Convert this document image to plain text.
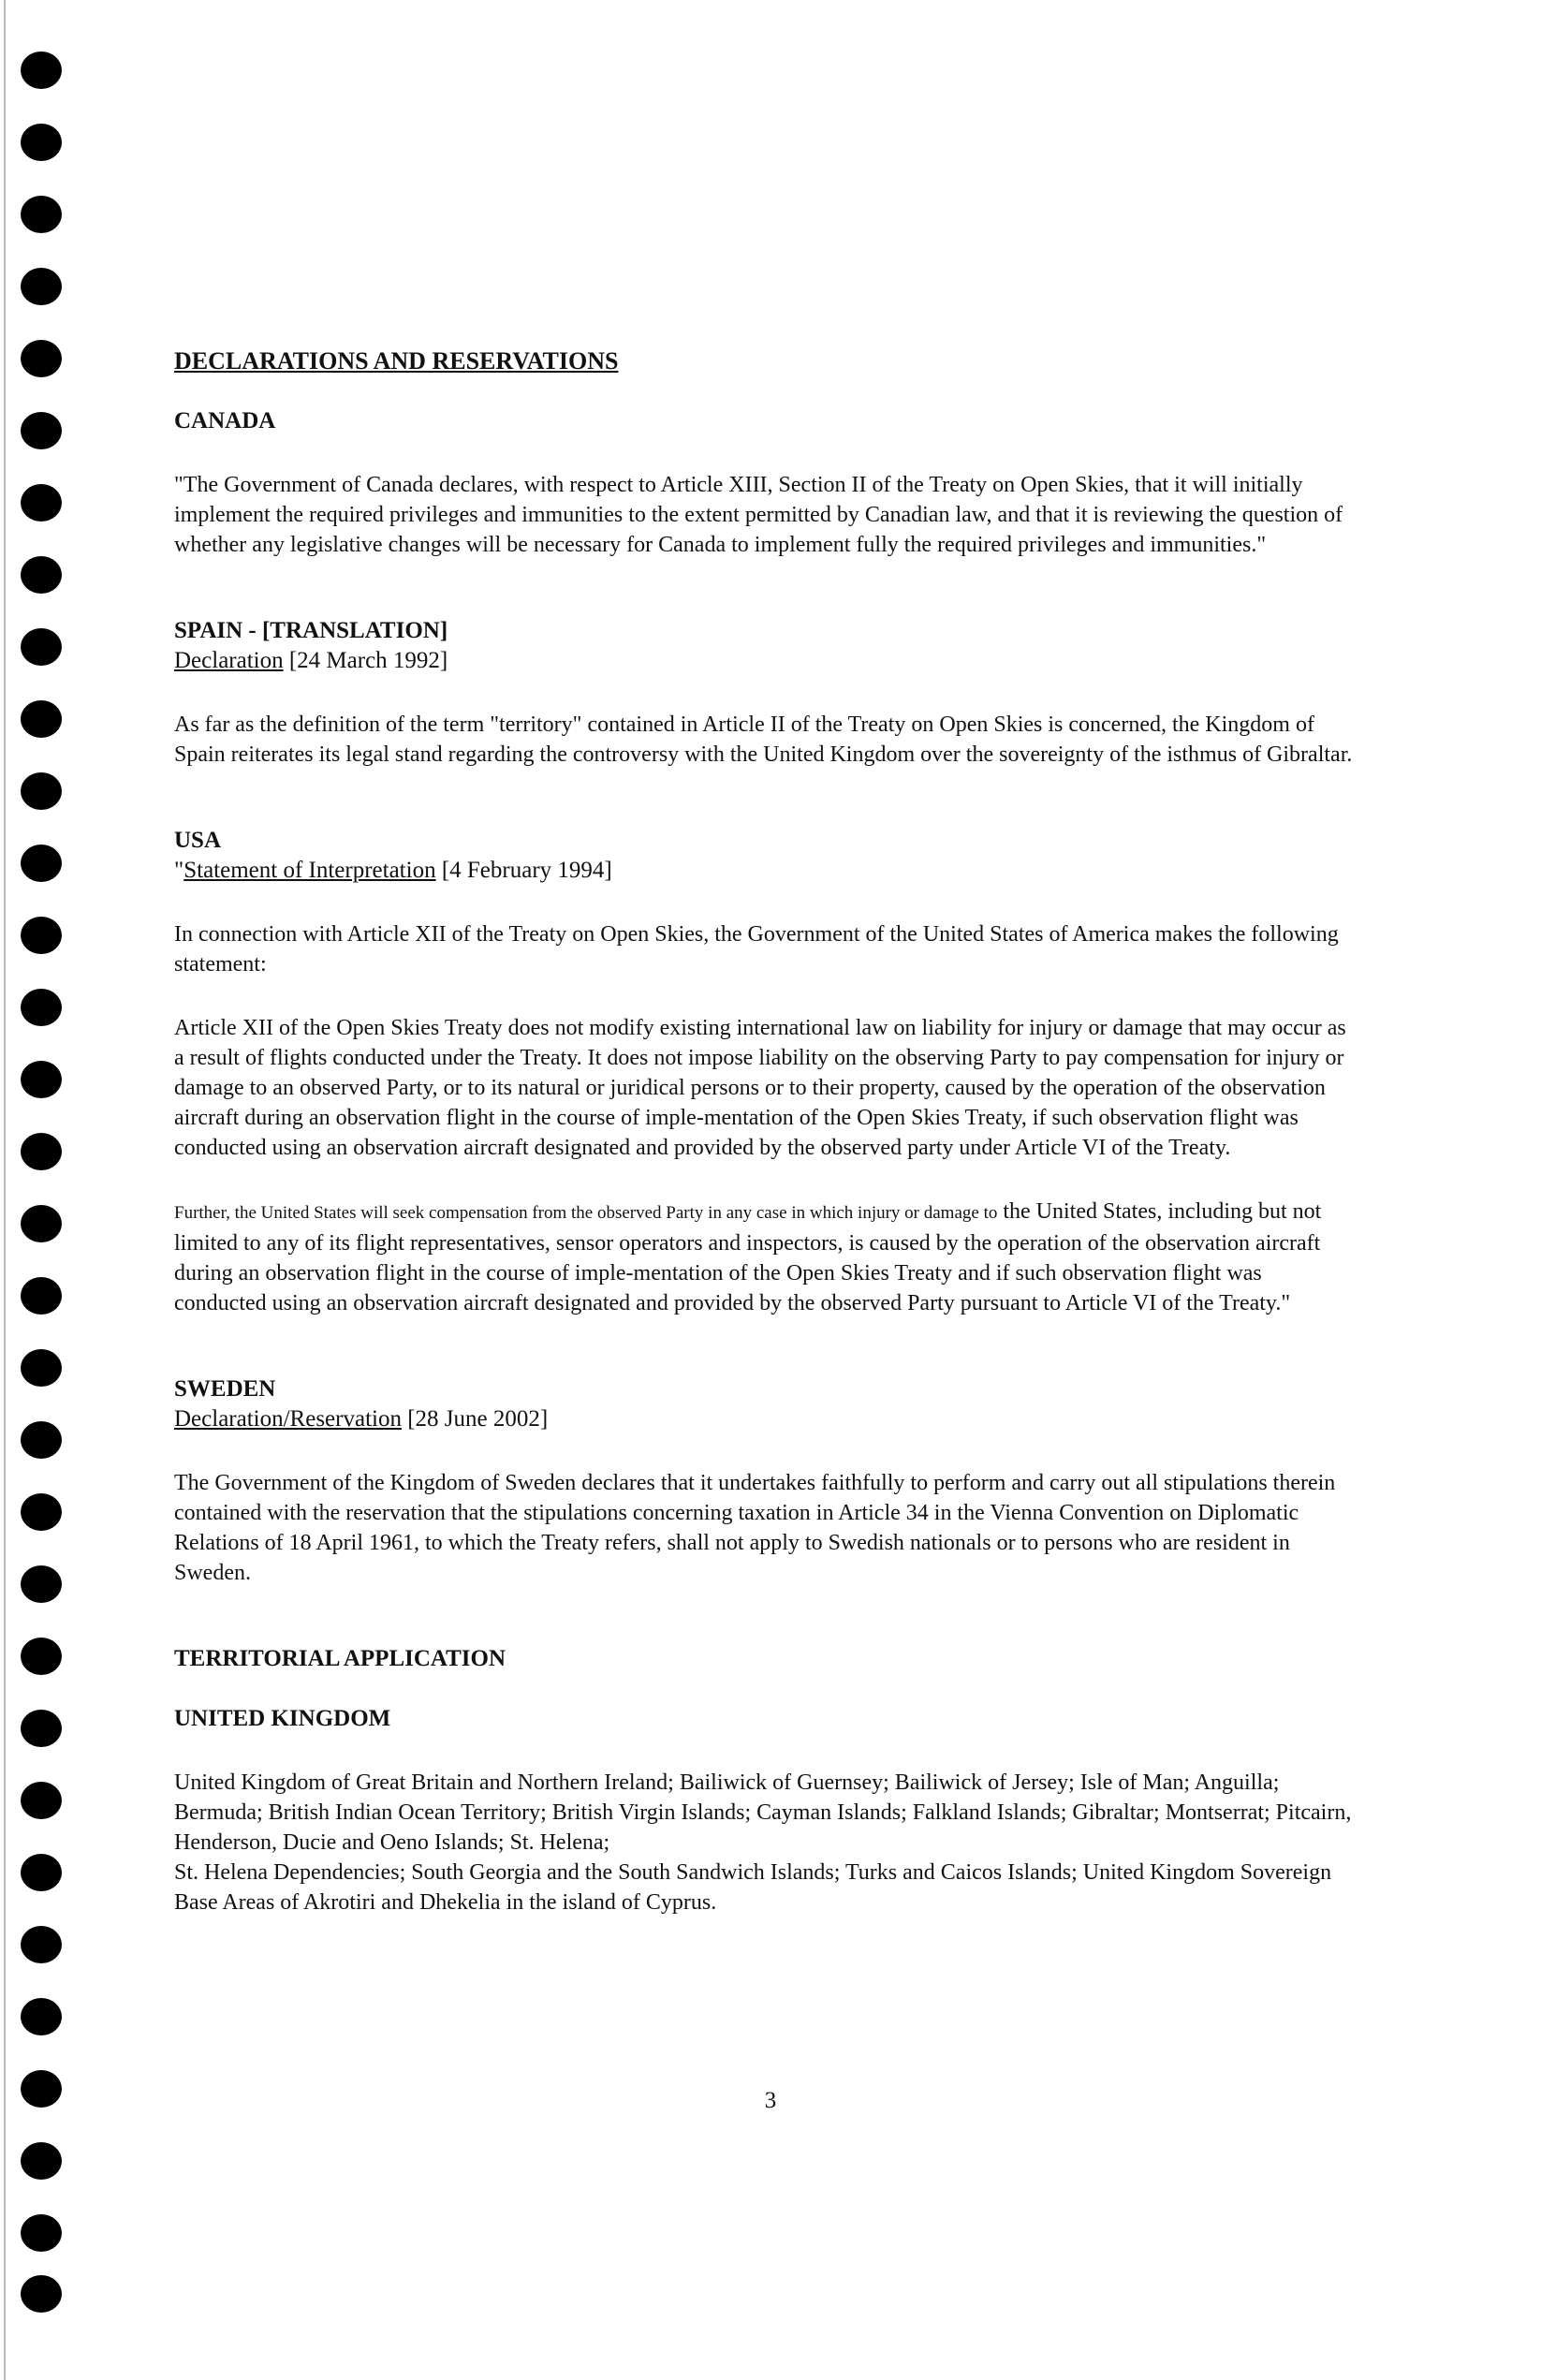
DECLARATIONS AND RESERVATIONS

CANADA

"The Government of Canada declares, with respect to Article XIII, Section II of the Treaty on Open Skies, that it will initially implement the required privileges and immunities to the extent permitted by Canadian law, and that it is reviewing the question of whether any legislative changes will be necessary for Canada to implement fully the required privileges and immunities."

SPAIN - [TRANSLATION]

Declaration [24 March 1992]

As far as the definition of the term "territory" contained in Article II of the Treaty on Open Skies is concerned, the Kingdom of Spain reiterates its legal stand regarding the controversy with the United Kingdom over the sovereignty of the isthmus of Gibraltar.

USA

"Statement of Interpretation [4 February 1994]

In connection with Article XII of the Treaty on Open Skies, the Government of the United States of America makes the following statement:

Article XII of the Open Skies Treaty does not modify existing international law on liability for injury or damage that may occur as a result of flights conducted under the Treaty. It does not impose liability on the observing Party to pay compensation for injury or damage to an observed Party, or to its natural or juridical persons or to their property, caused by the operation of the observation aircraft during an observation flight in the course of imple-mentation of the Open Skies Treaty, if such observation flight was conducted using an observation aircraft designated and provided by the observed party under Article VI of the Treaty.

Further, the United States will seek compensation from the observed Party in any case in which injury or damage to the United States, including but not limited to any of its flight representatives, sensor operators and inspectors, is caused by the operation of the observation aircraft during an observation flight in the course of imple-mentation of the Open Skies Treaty and if such observation flight was conducted using an observation aircraft designated and provided by the observed Party pursuant to Article VI of the Treaty."

SWEDEN

Declaration/Reservation [28 June 2002]

The Government of the Kingdom of Sweden declares that it undertakes faithfully to perform and carry out all stipulations therein contained with the reservation that the stipulations concerning taxation in Article 34 in the Vienna Convention on Diplomatic Relations of 18 April 1961, to which the Treaty refers, shall not apply to Swedish nationals or to persons who are resident in Sweden.

TERRITORIAL APPLICATION

UNITED KINGDOM

United Kingdom of Great Britain and Northern Ireland; Bailiwick of Guernsey; Bailiwick of Jersey; Isle of Man; Anguilla; Bermuda; British Indian Ocean Territory; British Virgin Islands; Cayman Islands; Falkland Islands; Gibraltar; Montserrat; Pitcairn, Henderson, Ducie and Oeno Islands; St. Helena;

St. Helena Dependencies; South Georgia and the South Sandwich Islands; Turks and Caicos Islands; United Kingdom Sovereign Base Areas of Akrotiri and Dhekelia in the island of Cyprus.

3
